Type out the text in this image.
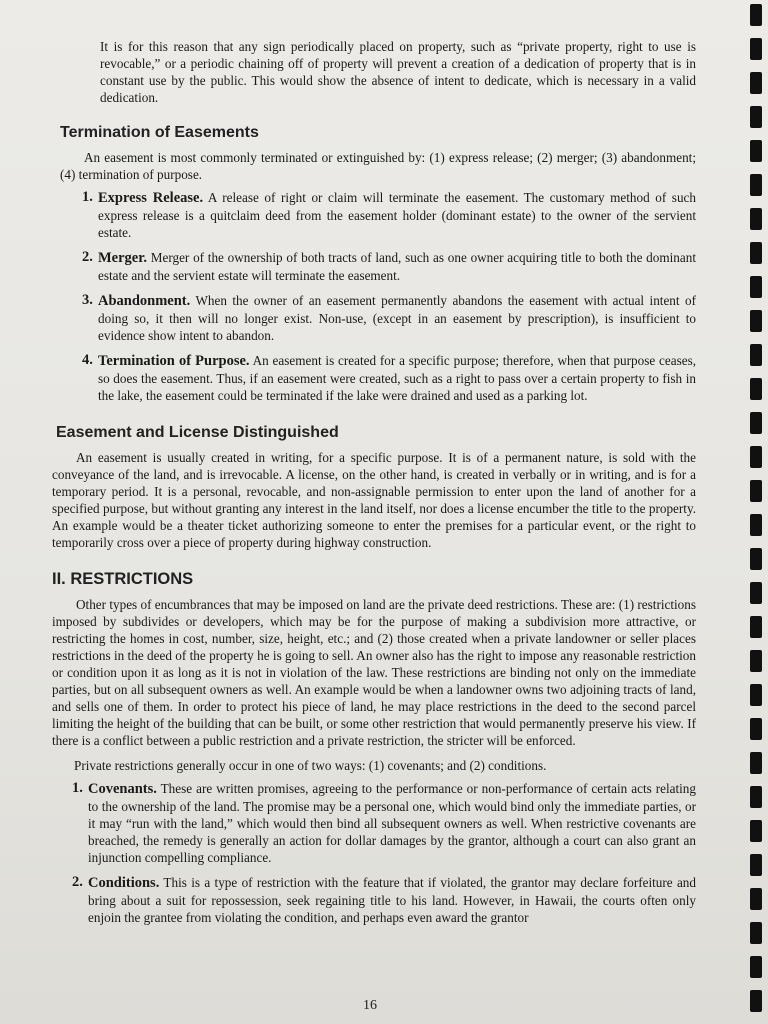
It is for this reason that any sign periodically placed on property, such as “private property, right to use is revocable,” or a periodic chaining off of property will prevent a creation of a dedication of property that is in constant use by the public. This would show the absence of intent to dedicate, which is necessary in a valid dedication.

Termination of Easements

An easement is most commonly terminated or extinguished by: (1) express release; (2) merger; (3) abandonment; (4) termination of purpose.

1. Express Release. A release of right or claim will terminate the easement. The customary method of such express release is a quitclaim deed from the easement holder (dominant estate) to the owner of the servient estate.
2. Merger. Merger of the ownership of both tracts of land, such as one owner acquiring title to both the dominant estate and the servient estate will terminate the easement.
3. Abandonment. When the owner of an easement permanently abandons the easement with actual intent of doing so, it then will no longer exist. Non-use, (except in an easement by prescription), is insufficient to evidence show intent to abandon.
4. Termination of Purpose. An easement is created for a specific purpose; therefore, when that purpose ceases, so does the easement. Thus, if an easement were created, such as a right to pass over a certain property to fish in the lake, the easement could be terminated if the lake were drained and used as a parking lot.
Easement and License Distinguished

An easement is usually created in writing, for a specific purpose. It is of a permanent nature, is sold with the conveyance of the land, and is irrevocable. A license, on the other hand, is created in verbally or in writing, and is for a temporary period. It is a personal, revocable, and non-assignable permission to enter upon the land of another for a specified purpose, but without granting any interest in the land itself, nor does a license encumber the title to the property. An example would be a theater ticket authorizing someone to enter the premises for a particular event, or the right to temporarily cross over a piece of property during highway construction.

II. RESTRICTIONS

Other types of encumbrances that may be imposed on land are the private deed restrictions. These are: (1) restrictions imposed by subdivides or developers, which may be for the purpose of making a subdivision more attractive, or restricting the homes in cost, number, size, height, etc.; and (2) those created when a private landowner or seller places restrictions in the deed of the property he is going to sell. An owner also has the right to impose any reasonable restriction or condition upon it as long as it is not in violation of the law. These restrictions are binding not only on the immediate parties, but on all subsequent owners as well. An example would be when a landowner owns two adjoining tracts of land, and sells one of them. In order to protect his piece of land, he may place restrictions in the deed to the second parcel limiting the height of the building that can be built, or some other restriction that would permanently preserve his view. If there is a conflict between a public restriction and a private restriction, the stricter will be enforced.

Private restrictions generally occur in one of two ways: (1) covenants; and (2) conditions.

1. Covenants. These are written promises, agreeing to the performance or non-performance of certain acts relating to the ownership of the land. The promise may be a personal one, which would bind only the immediate parties, or it may “run with the land,” which would then bind all subsequent owners as well. When restrictive covenants are breached, the remedy is generally an action for dollar damages by the grantor, although a court can also grant an injunction compelling compliance.
2. Conditions. This is a type of restriction with the feature that if violated, the grantor may declare forfeiture and bring about a suit for repossession, seek regaining title to his land. However, in Hawaii, the courts often only enjoin the grantee from violating the condition, and perhaps even award the grantor
16
